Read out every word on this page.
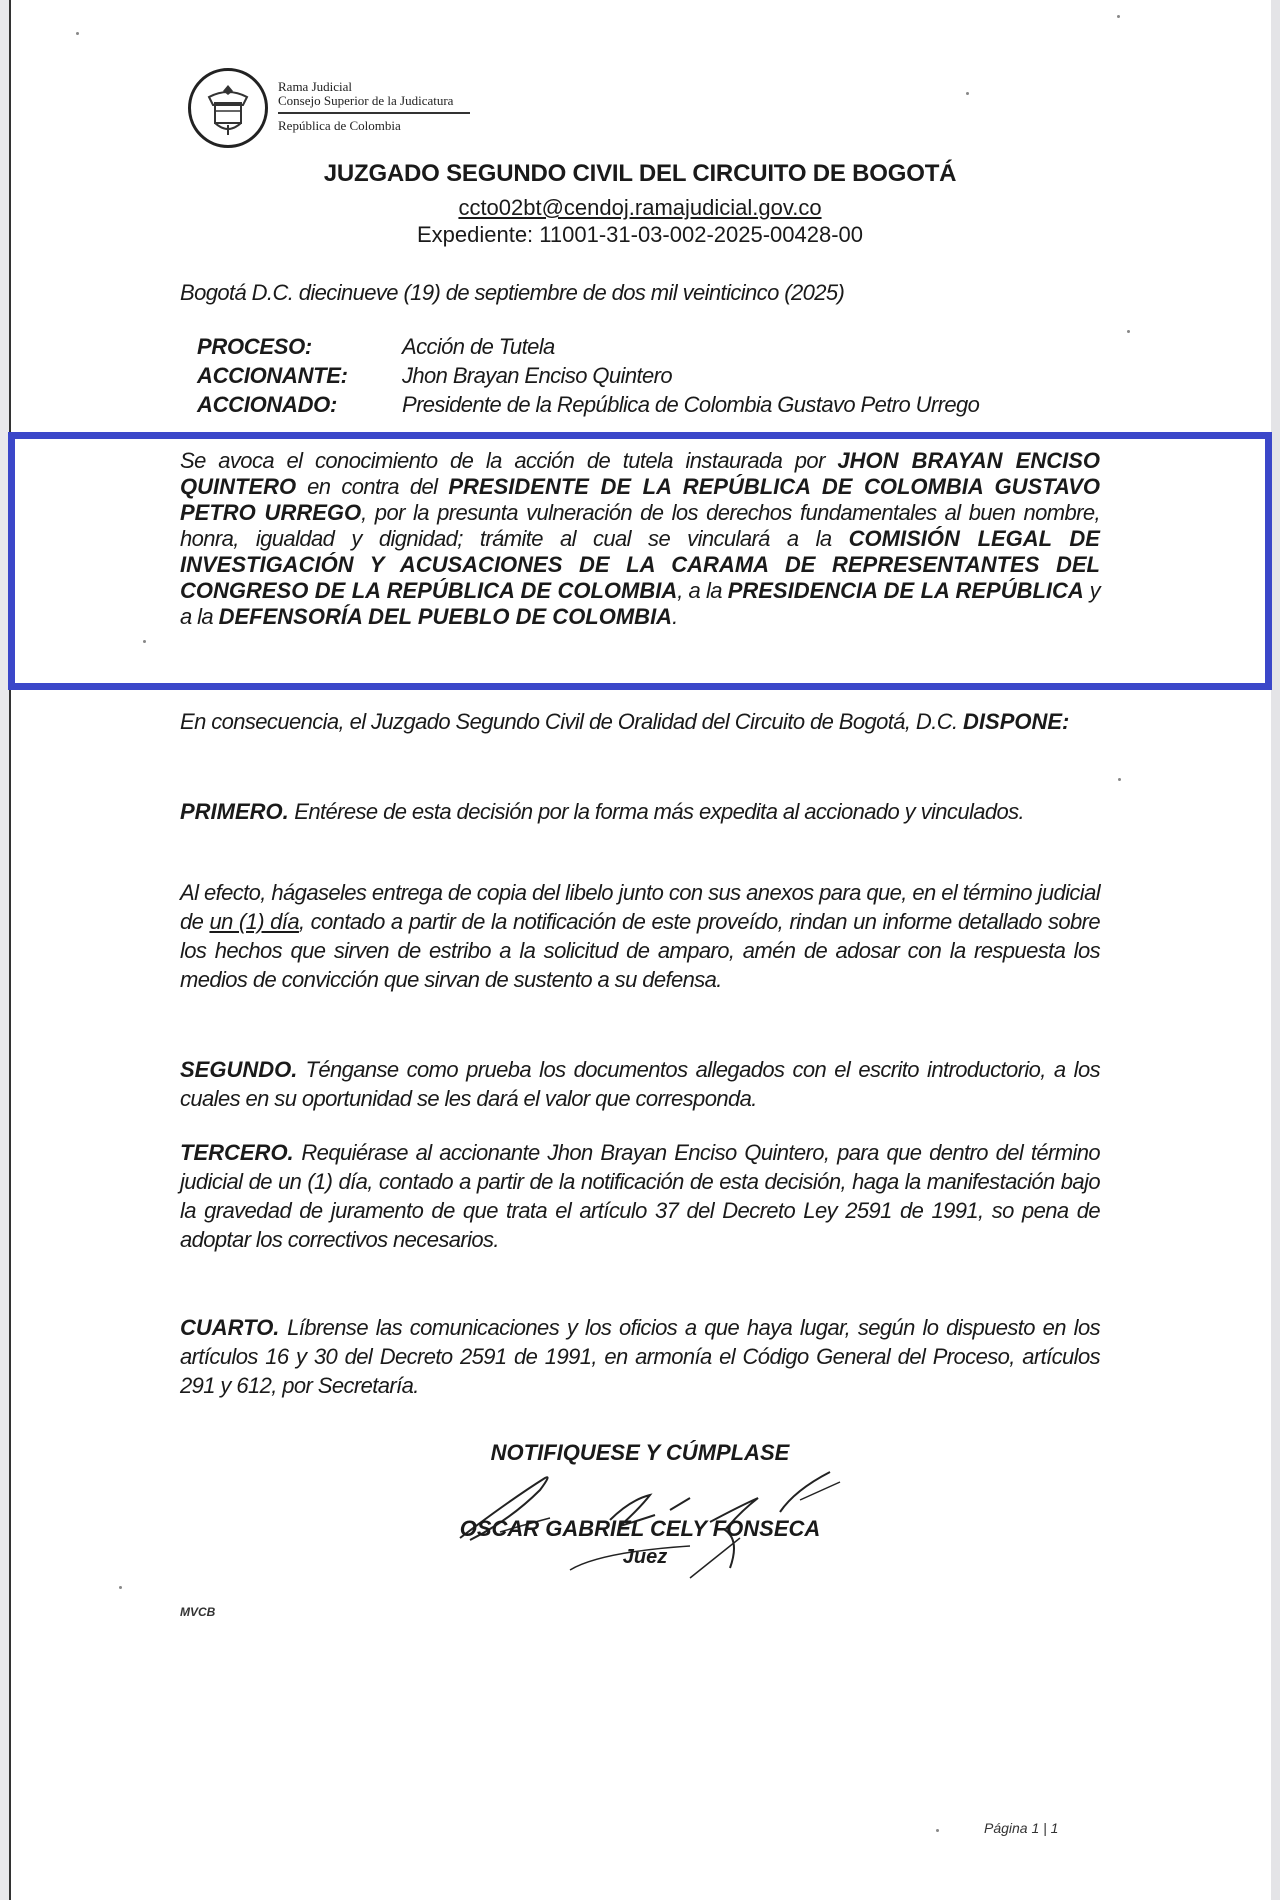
Rama Judicial
Consejo Superior de la Judicatura
República de Colombia
JUZGADO SEGUNDO CIVIL DEL CIRCUITO DE BOGOTÁ
ccto02bt@cendoj.ramajudicial.gov.co
Expediente: 11001-31-03-002-2025-00428-00
Bogotá D.C. diecinueve (19) de septiembre de dos mil veinticinco (2025)
PROCESO:	Acción de Tutela
ACCIONANTE:	Jhon Brayan Enciso Quintero
ACCIONADO:	Presidente de la República de Colombia Gustavo Petro Urrego
Se avoca el conocimiento de la acción de tutela instaurada por JHON BRAYAN ENCISO QUINTERO en contra del PRESIDENTE DE LA REPÚBLICA DE COLOMBIA GUSTAVO PETRO URREGO, por la presunta vulneración de los derechos fundamentales al buen nombre, honra, igualdad y dignidad; trámite al cual se vinculará a la COMISIÓN LEGAL DE INVESTIGACIÓN Y ACUSACIONES DE LA CARAMA DE REPRESENTANTES DEL CONGRESO DE LA REPÚBLICA DE COLOMBIA, a la PRESIDENCIA DE LA REPÚBLICA y a la DEFENSORÍA DEL PUEBLO DE COLOMBIA.
En consecuencia, el Juzgado Segundo Civil de Oralidad del Circuito de Bogotá, D.C. DISPONE:
PRIMERO. Entérese de esta decisión por la forma más expedita al accionado y vinculados.
Al efecto, hágaseles entrega de copia del libelo junto con sus anexos para que, en el término judicial de un (1) día, contado a partir de la notificación de este proveído, rindan un informe detallado sobre los hechos que sirven de estribo a la solicitud de amparo, amén de adosar con la respuesta los medios de convicción que sirvan de sustento a su defensa.
SEGUNDO. Ténganse como prueba los documentos allegados con el escrito introductorio, a los cuales en su oportunidad se les dará el valor que corresponda.
TERCERO. Requiérase al accionante Jhon Brayan Enciso Quintero, para que dentro del término judicial de un (1) día, contado a partir de la notificación de esta decisión, haga la manifestación bajo la gravedad de juramento de que trata el artículo 37 del Decreto Ley 2591 de 1991, so pena de adoptar los correctivos necesarios.
CUARTO. Líbrense las comunicaciones y los oficios a que haya lugar, según lo dispuesto en los artículos 16 y 30 del Decreto 2591 de 1991, en armonía el Código General del Proceso, artículos 291 y 612, por Secretaría.
NOTIFIQUESE Y CÚMPLASE
OSCAR GABRIEL CELY FONSECA
Juez
MVCB
Página 1 | 1
